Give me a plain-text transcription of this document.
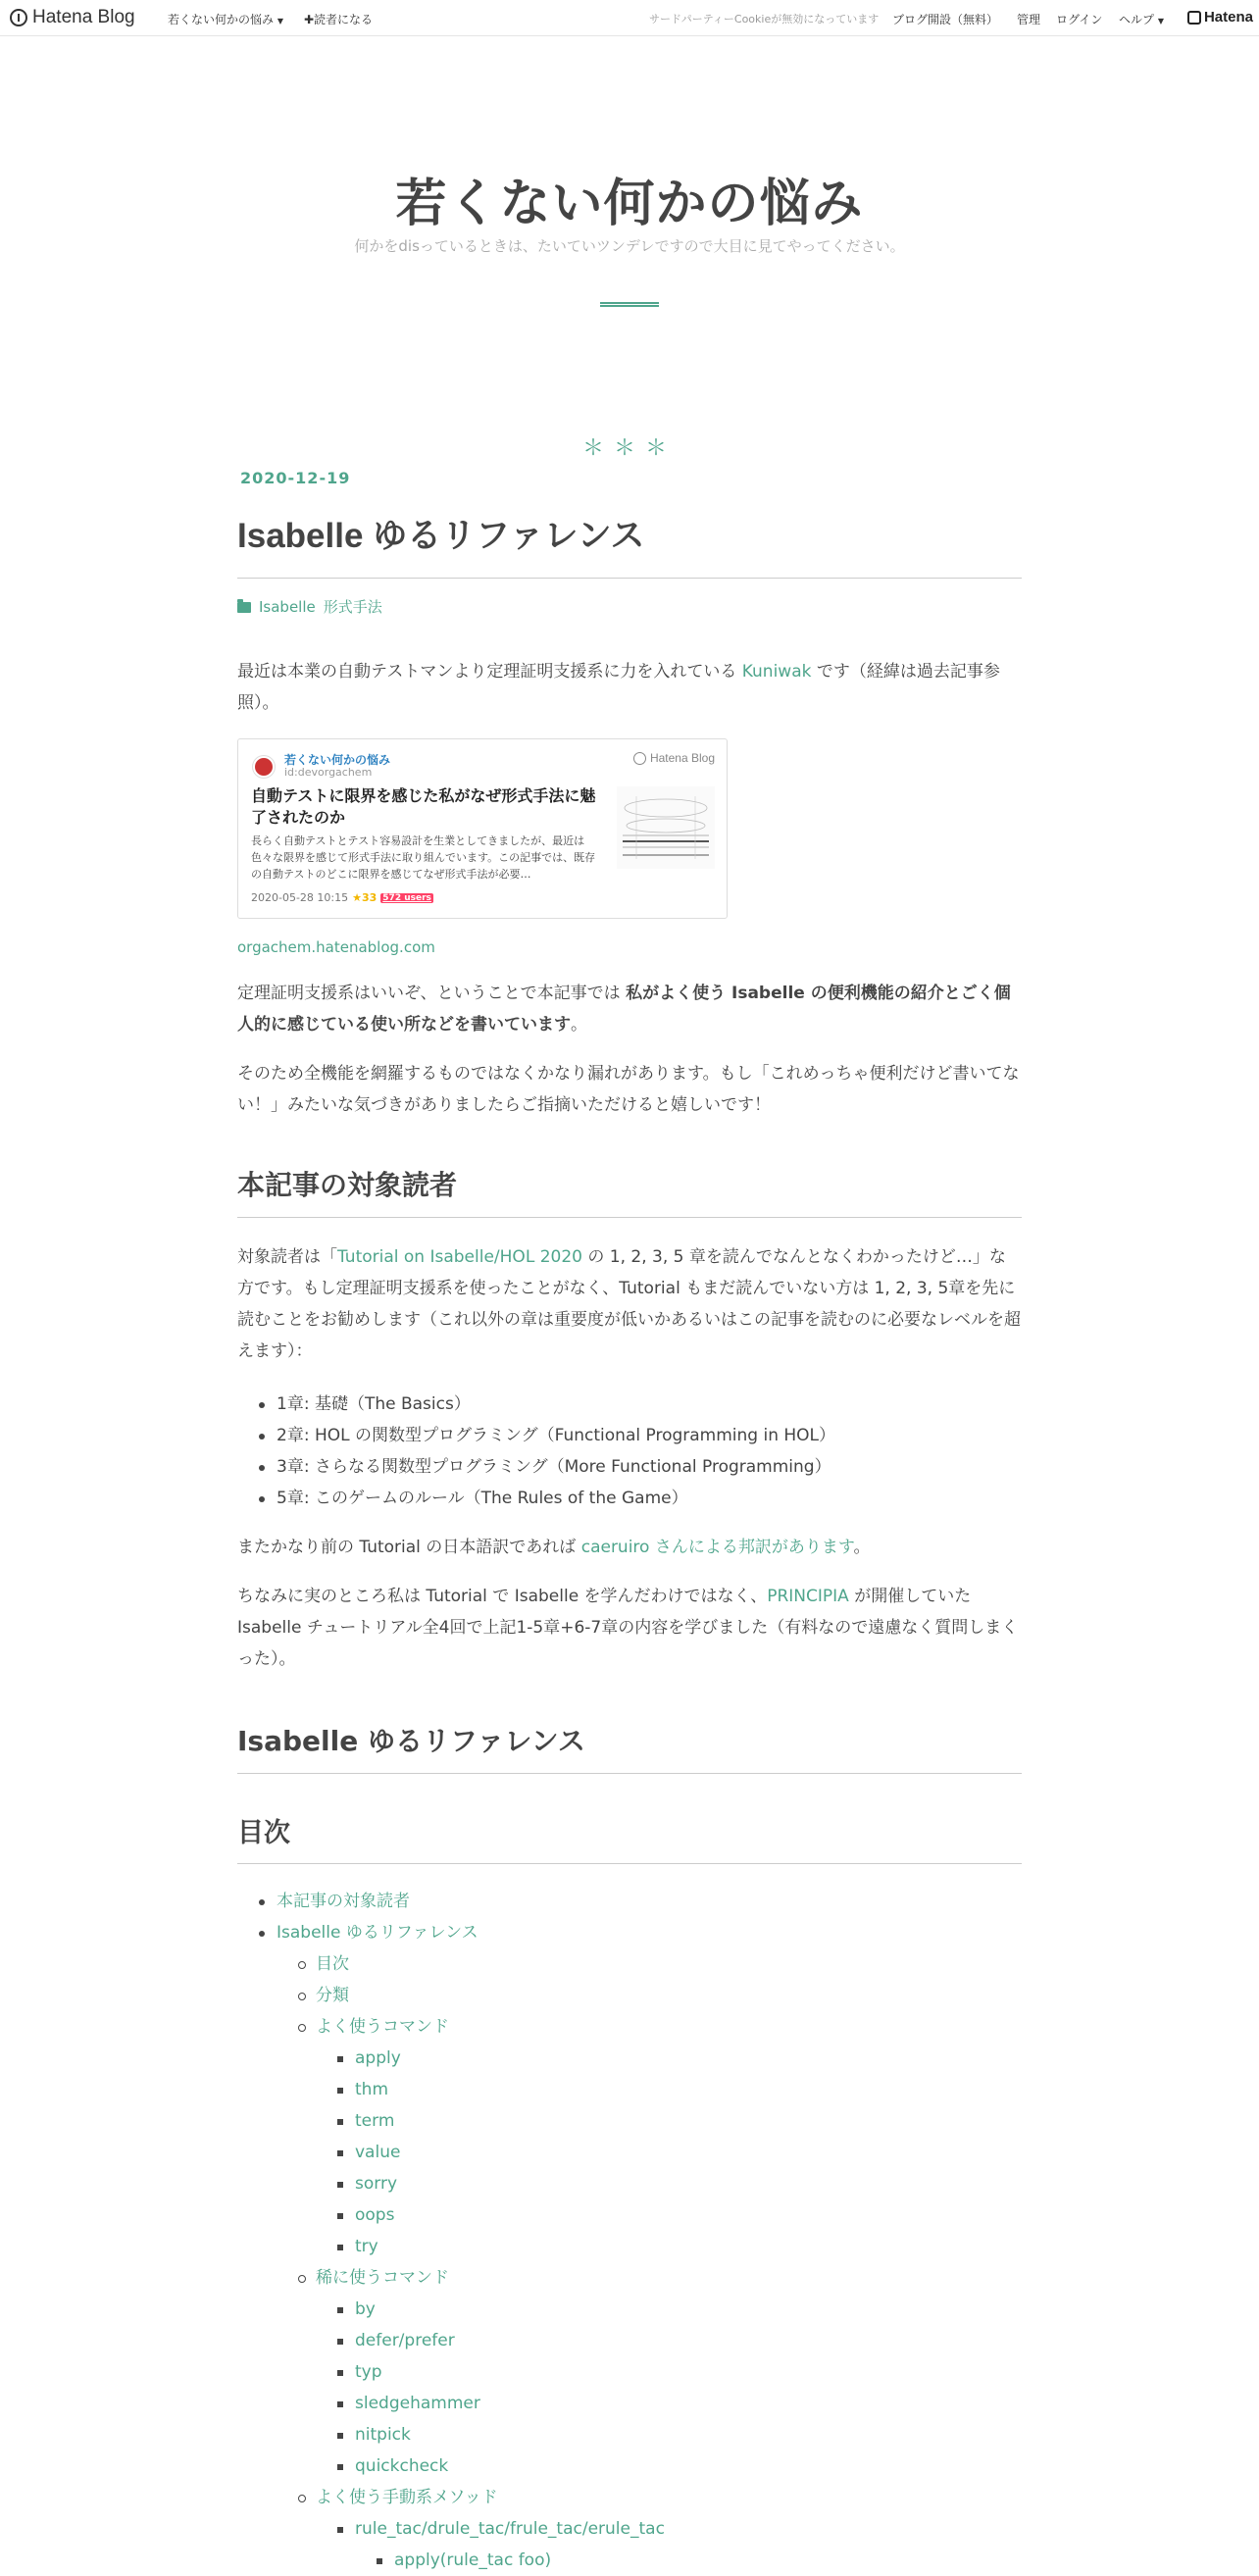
Hatena Blog	若くない何かの悩み ▼ ✚読者になる	サードパーティーCookieが無効になっています ブログ開設（無料） 管理 ログイン ヘルプ ▼	Hatena
若くない何かの悩み
何かをdisっているときは、たいていツンデレですので大目に見てやってください。
＊＊＊
2020-12-19
Isabelle ゆるリファレンス
Isabelle 形式手法

最近は本業の自動テストマンより定理証明支援系に力を入れている Kuniwak です（経緯は過去記事参照）。

若くない何かの悩み
id:devorgachem
Hatena Blog
自動テストに限界を感じた私がなぜ形式手法に魅了されたのか
長らく自動テストとテスト容易設計を生業としてきましたが、最近は色々な限界を感じて形式手法に取り組んでいます。この記事では、既存の自動テストのどこに限界を感じてなぜ形式手法が必要…
2020-05-28 10:15 ★33 572 users
orgachem.hatenablog.com

定理証明支援系はいいぞ、ということで本記事では 私がよく使う Isabelle の便利機能の紹介とごく個人的に感じている使い所などを書いています。

そのため全機能を網羅するものではなくかなり漏れがあります。もし「これめっちゃ便利だけど書いてない！」みたいな気づきがありましたらご指摘いただけると嬉しいです！

本記事の対象読者

対象読者は「Tutorial on Isabelle/HOL 2020 の 1, 2, 3, 5 章を読んでなんとなくわかったけど…」な方です。もし定理証明支援系を使ったことがなく、Tutorial もまだ読んでいない方は 1, 2, 3, 5章を先に読むことをお勧めします（これ以外の章は重要度が低いかあるいはこの記事を読むのに必要なレベルを超えます）：

1章: 基礎（The Basics）
2章: HOL の関数型プログラミング（Functional Programming in HOL）
3章: さらなる関数型プログラミング（More Functional Programming）
5章: このゲームのルール（The Rules of the Game）

またかなり前の Tutorial の日本語訳であれば caeruiro さんによる邦訳があります。

ちなみに実のところ私は Tutorial で Isabelle を学んだわけではなく、PRINCIPIA が開催していた Isabelle チュートリアル全4回で上記1-5章+6-7章の内容を学びました（有料なので遠慮なく質問しまくった）。

Isabelle ゆるリファレンス
目次
本記事の対象読者
Isabelle ゆるリファレンス
目次
分類
よく使うコマンド
apply
thm
term
value
sorry
oops
try
稀に使うコマンド
by
defer/prefer
typ
sledgehammer
nitpick
quickcheck
よく使う手動系メソッド
rule_tac/drule_tac/frule_tac/erule_tac
apply(rule_tac foo)
